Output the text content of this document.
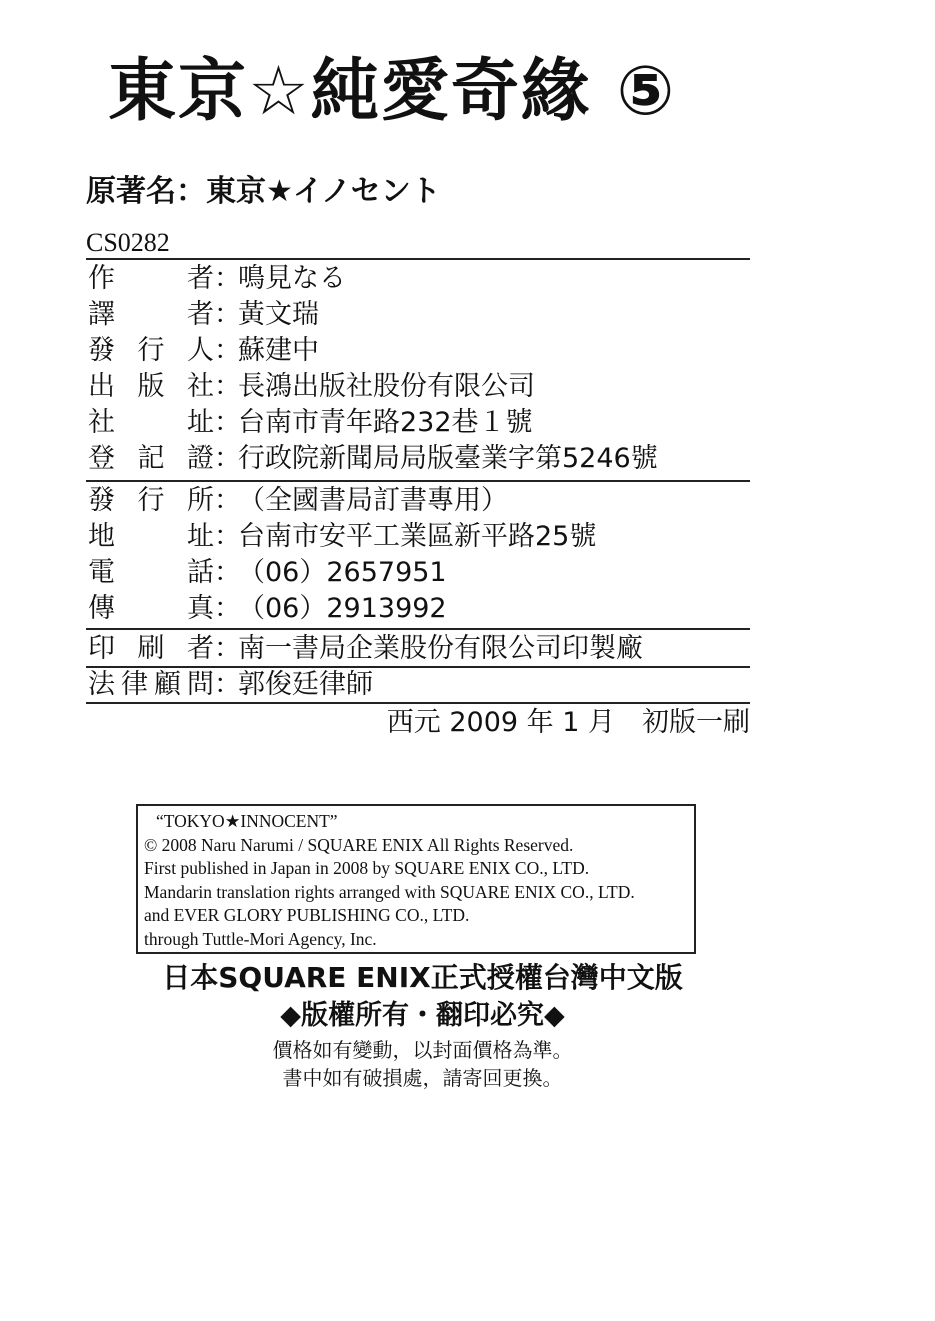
東京☆純愛奇緣 ⑤
原著名：東京★イノセント
CS0282
作	者 ：
鳴見なる
譯	者 ：
黃文瑞
發 行 人 ：
蘇建中
出 版 社 ：
長鴻出版社股份有限公司
社	址 ：
台南市青年路232巷１號
登 記 證 ：
行政院新聞局局版臺業字第5246號
發 行 所 ：
（全國書局訂書專用）
地	址 ：
台南市安平工業區新平路25號
電	話 ：
（06）2657951
傳	真 ：
（06）2913992
印 刷 者 ：
南一書局企業股份有限公司印製廠
法 律 顧 問 ：
郭俊廷律師
西元 2009 年 1 月　初版一刷
“TOKYO★INNOCENT”
© 2008 Naru Narumi / SQUARE ENIX All Rights Reserved.
First published in Japan in 2008 by SQUARE ENIX CO., LTD.
Mandarin translation rights arranged with SQUARE ENIX CO., LTD.
and EVER GLORY PUBLISHING CO., LTD.
through Tuttle-Mori Agency, Inc.
日本SQUARE ENIX正式授權台灣中文版
◆版權所有・翻印必究◆
價格如有變動，以封面價格為準。
書中如有破損處，請寄回更換。
